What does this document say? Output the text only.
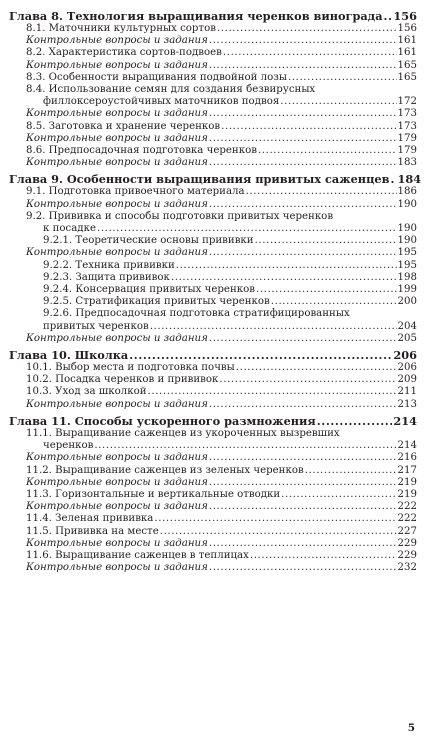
Глава 8. Технология выращивания черенков винограда ..... 156
8.1. Маточники культурных сортов .....	156
Контрольные вопросы и задания .....	161
8.2. Характеристика сортов-подвоев .....	161
Контрольные вопросы и задания .....	165
8.3. Особенности выращивания подвойной лозы .....	165
8.4. Использование семян для создания безвирусных
филлоксероустойчивых маточников подвоя .....	172
Контрольные вопросы и задания .....	173
8.5. Заготовка и хранение черенков .....	173
Контрольные вопросы и задания .....	179
8.6. Предпосадочная подготовка черенков .....	179
Контрольные вопросы и задания .....	183
Глава 9. Особенности выращивания привитых саженцев ..... 184
9.1. Подготовка привоечного материала .....	186
Контрольные вопросы и задания .....	190
9.2. Прививка и способы подготовки привитых черенков
к посадке .....	190
9.2.1. Теоретические основы прививки .....	190
Контрольные вопросы и задания .....	195
9.2.2. Техника прививки .....	195
9.2.3. Защита прививок .....	198
9.2.4. Консервация привитых черенков .....	199
9.2.5. Стратификация привитых черенков .....	200
9.2.6. Предпосадочная подготовка стратифицированных
привитых черенков .....	204
Контрольные вопросы и задания .....	205
Глава 10. Школка .....	206
10.1. Выбор места и подготовка почвы .....	206
10.2. Посадка черенков и прививок .....	209
10.3. Уход за школкой .....	211
Контрольные вопросы и задания .....	213
Глава 11. Способы ускоренного размножения .....	214
11.1. Выращивание саженцев из укороченных вызревших
черенков .....	214
Контрольные вопросы и задания .....	216
11.2. Выращивание саженцев из зеленых черенков .....	217
Контрольные вопросы и задания .....	219
11.3. Горизонтальные и вертикальные отводки .....	219
Контрольные вопросы и задания .....	222
11.4. Зеленая прививка .....	222
11.5. Прививка на месте .....	227
Контрольные вопросы и задания .....	229
11.6. Выращивание саженцев в теплицах .....	229
Контрольные вопросы и задания .....	232
5
